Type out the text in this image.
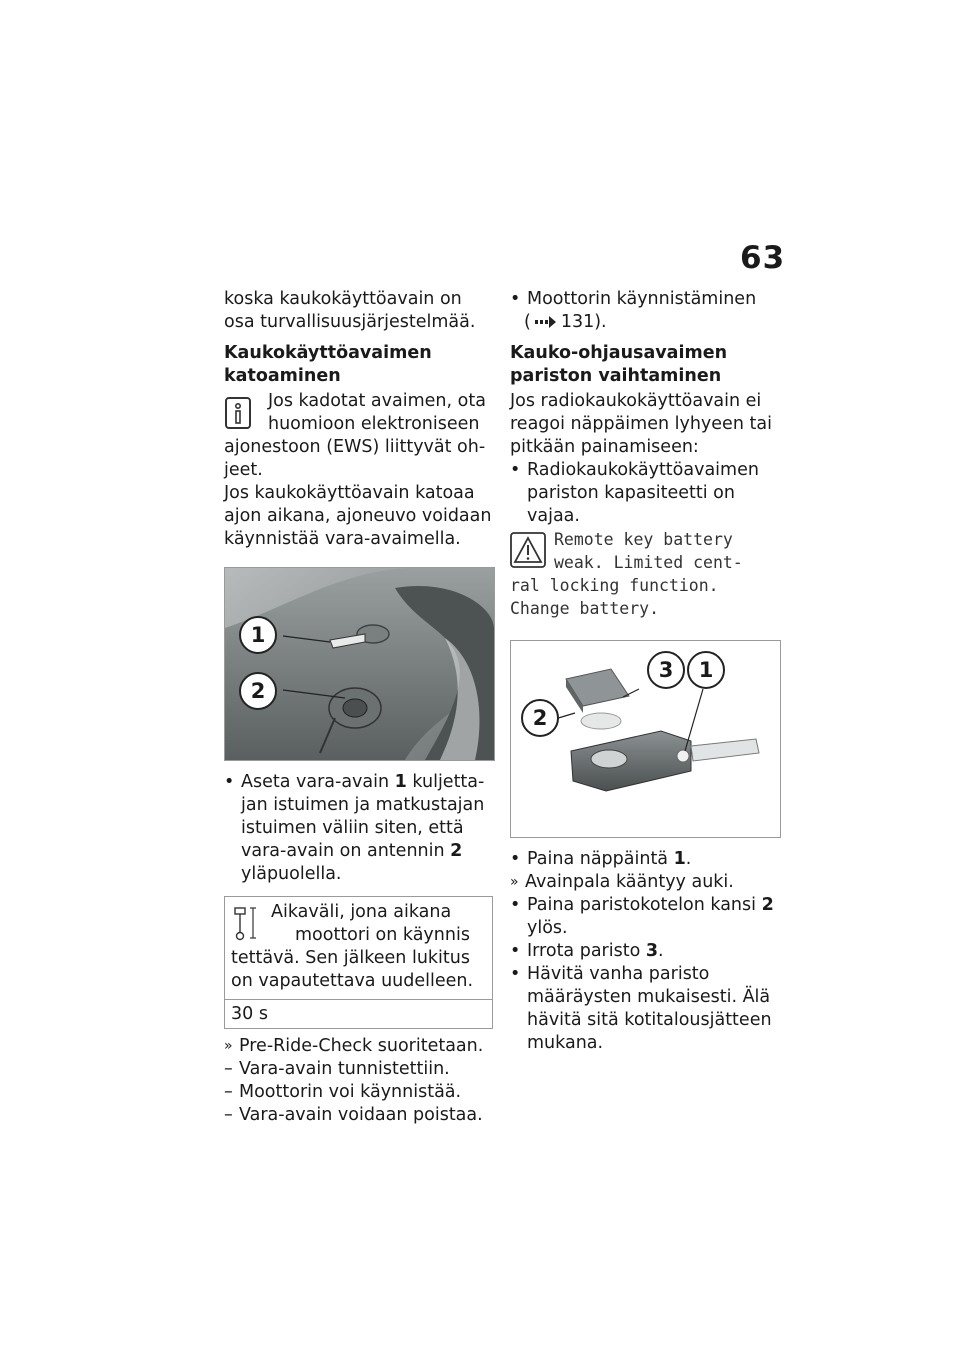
63

koska kaukokäyttöavain on osa turvallisuusjärjestelmää.

Kaukokäyttöavaimen katoaminen

Jos kadotat avaimen, ota

huomioon elektroniseen

ajonestoon (EWS) liittyvät ohjeet.

Jos kaukokäyttöavain katoaa ajon aikana, ajoneuvo voidaan käynnistää vara-avaimella.

1
2

• Aseta vara-avain 1 kuljettajan istuimen ja matkustajan istuimen väliin siten, että vara-avain on antennin 2 yläpuolella.

Aikaväli, jona aikana

moottori on käynnis

tettävä. Sen jälkeen lukitus on vapautettava uudelleen.

30 s

» Pre-Ride-Check suoritetaan.

– Vara-avain tunnistettiin.

– Moottorin voi käynnistää.

– Vara-avain voidaan poistaa.

• Moottorin käynnistäminen

( 131).

Kauko-ohjausavaimen pariston vaihtaminen

Jos radiokaukokäyttöavain ei reagoi näppäimen lyhyeen tai pitkään painamiseen:

• Radiokaukokäyttöavaimen pariston kapasiteetti on vajaa.

Remote key battery

weak. Limited cent-

ral locking function. Change battery.

3	1
2

• Paina näppäintä 1.

» Avainpala kääntyy auki.

• Paina paristokotelon kansi 2 ylös.

• Irrota paristo 3.

• Hävitä vanha paristo määräysten mukaisesti. Älä hävitä sitä kotitalousjätteen mukana.
